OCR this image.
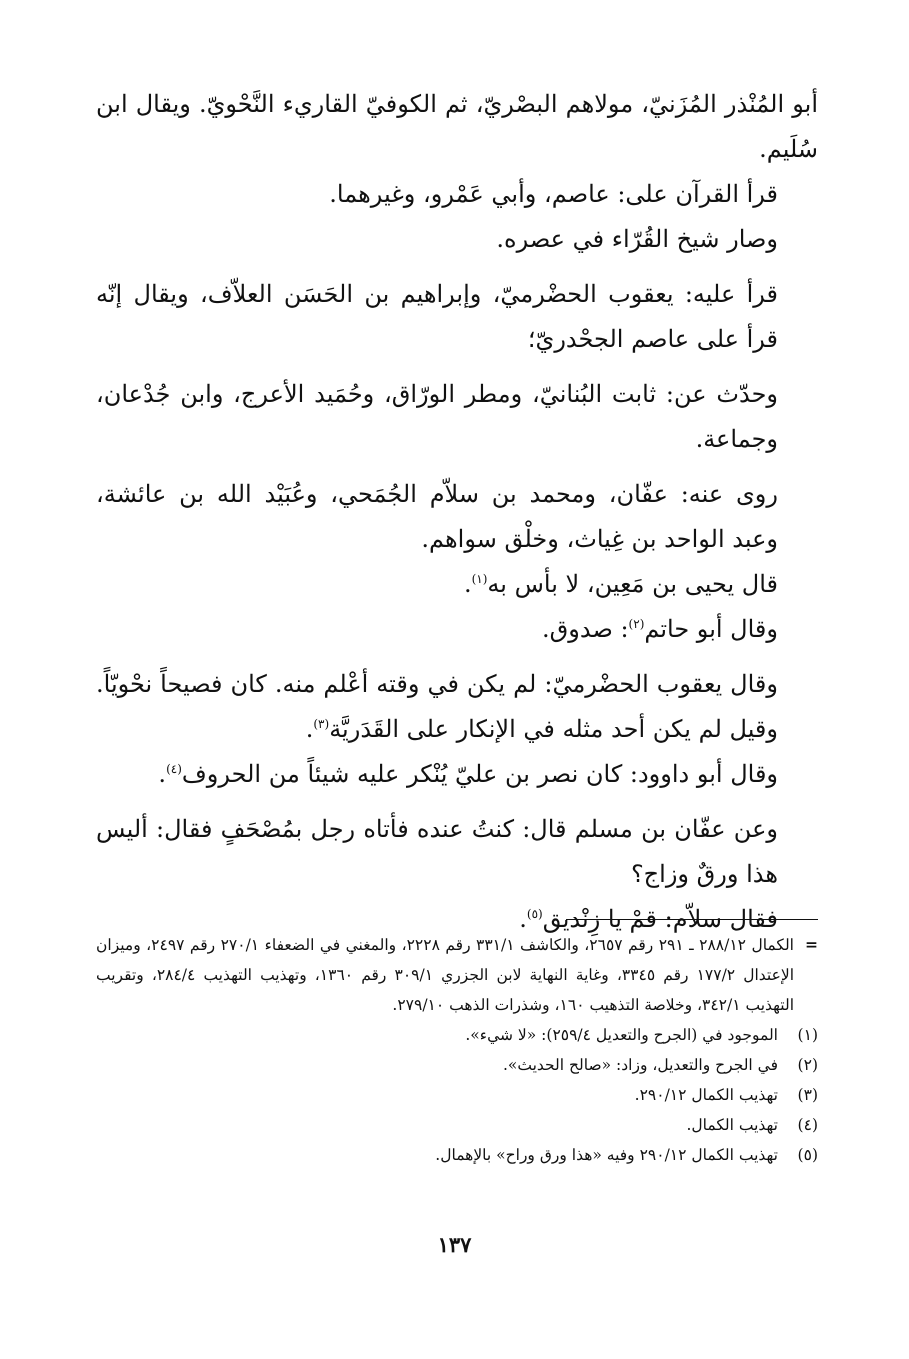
أبو المُنْذر المُزَنيّ، مولاهم البصْريّ، ثم الكوفيّ القاريء النَّحْويّ. ويقال ابن سُلَيم.

قرأ القرآن على: عاصم، وأبي عَمْرو، وغيرهما.

وصار شيخ القُرّاء في عصره.

قرأ عليه: يعقوب الحضْرميّ، وإبراهيم بن الحَسَن العلاّف، ويقال إنّه قرأ على عاصم الجحْدريّ؛

وحدّث عن: ثابت البُنانيّ، ومطر الورّاق، وحُمَيد الأعرج، وابن جُدْعان، وجماعة.

روى عنه: عفّان، ومحمد بن سلاّم الجُمَحي، وعُبَيْد الله بن عائشة، وعبد الواحد بن غِياث، وخلْق سواهم.

قال يحيى بن مَعِين، لا بأس به$^{(١)}$.

وقال أبو حاتم$^{(٢)}$: صدوق.

وقال يعقوب الحضْرميّ: لم يكن في وقته أعْلم منه. كان فصيحاً نحْويّاً. وقيل لم يكن أحد مثله في الإنكار على القَدَريَّة$^{(٣)}$.

وقال أبو داوود: كان نصر بن عليّ يُنْكر عليه شيئاً من الحروف$^{(٤)}$.

وعن عفّان بن مسلم قال: كنتُ عنده فأتاه رجل بمُصْحَفٍ فقال: أليس هذا ورقٌ وزاج؟

فقال سلاّم: قمْ يا زِنْديق$^{(٥)}$.

=
الكمال ٢٨٨/١٢ ـ ٢٩١ رقم ٢٦٥٧، والكاشف ٣٣١/١ رقم ٢٢٢٨، والمغني في الضعفاء ٢٧٠/١ رقم ٢٤٩٧، وميزان الإعتدال ١٧٧/٢ رقم ٣٣٤٥، وغاية النهاية لابن الجزري ٣٠٩/١ رقم ١٣٦٠، وتهذيب التهذيب ٢٨٤/٤، وتقريب التهذيب ٣٤٢/١، وخلاصة التذهيب ١٦٠، وشذرات الذهب ٢٧٩/١٠.
(١)
الموجود في (الجرح والتعديل ٢٥٩/٤): «لا شيء».
(٢)
في الجرح والتعديل، وزاد: «صالح الحديث».
(٣)
تهذيب الكمال ٢٩٠/١٢.
(٤)
تهذيب الكمال.
(٥)
تهذيب الكمال ٢٩٠/١٢ وفيه «هذا ورق وراح» بالإهمال.
١٣٧
